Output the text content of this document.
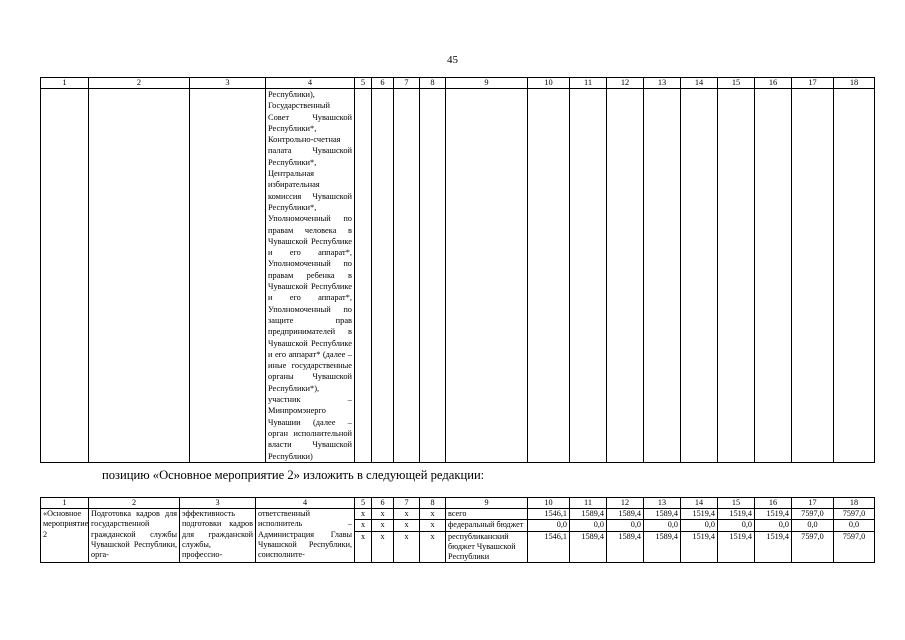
45
1	2	3	4	5	6	7	8	9	10	11	12	13	14	15	16	17	18
			Республики), Государственный Совет Чувашской Республики*, Контрольно-счетная палата Чувашской Республики*, Центральная избирательная комиссия Чувашской Республики*, Уполномоченный по правам человека в Чувашской Республике и его аппарат*, Уполномоченный по правам ребенка в Чувашской Республике и его аппарат*, Уполномоченный по защите прав предпринимателей в Чувашской Республике и его аппарат* (далее – иные государственные органы Чувашской Республики*), участник – Минпромэнерго Чувашии (далее – орган исполнительной власти Чувашской Республики)														
позицию «Основное мероприятие 2» изложить в следующей редакции:
1	2	3	4	5	6	7	8	9	10	11	12	13	14	15	16	17	18
«Основное мероприятие 2	Подготовка кадров для государственной гражданской службы Чувашской Республики, орга-	эффективность подготовки кадров для гражданской службы, профессио-	ответственный исполнитель – Администрация Главы Чувашской Республики, соисполните-	x	x	x	x	всего	1546,1	1589,4	1589,4	1589,4	1519,4	1519,4	1519,4	7597,0	7597,0
				x	x	x	x	федеральный бюджет	0,0	0,0	0,0	0,0	0,0	0,0	0,0	0,0	0,0
				x	x	x	x	республиканский бюджет Чувашской Республики	1546,1	1589,4	1589,4	1589,4	1519,4	1519,4	1519,4	7597,0	7597,0
